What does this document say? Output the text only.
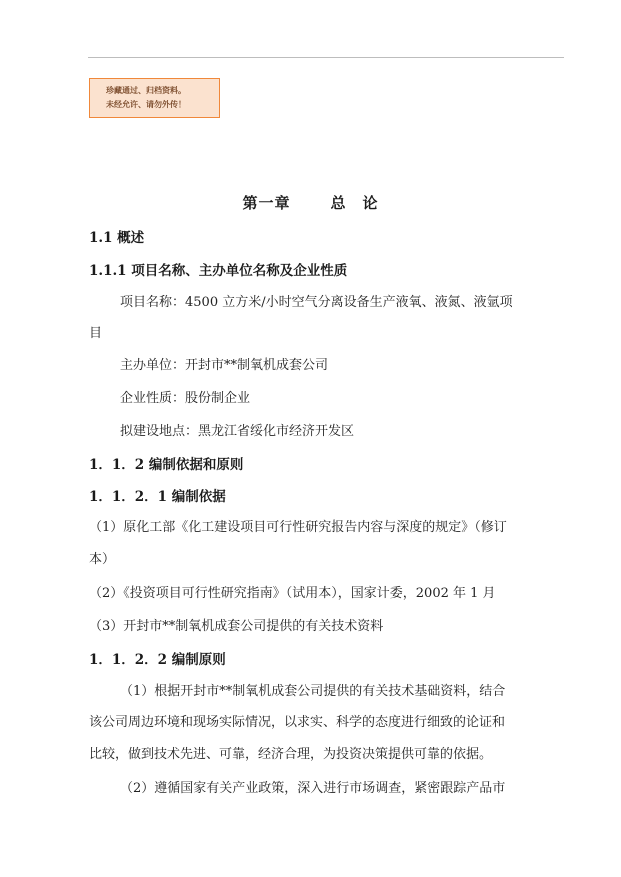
珍藏通过、归档资料。
未经允许、请勿外传！
第一章	总　论
1.1 概述
1.1.1 项目名称、主办单位名称及企业性质
项目名称：4500 立方米/小时空气分离设备生产液氧、液氮、液氩项
目
主办单位：开封市**制氧机成套公司
企业性质：股份制企业
拟建设地点：黑龙江省绥化市经济开发区
1．1．2 编制依据和原则
1．1．2．1 编制依据
（1）原化工部《化工建设项目可行性研究报告内容与深度的规定》（修订
本）
（2）《投资项目可行性研究指南》（试用本），国家计委，2002 年 1 月
（3）开封市**制氧机成套公司提供的有关技术资料
1．1．2．2 编制原则
（1）根据开封市**制氧机成套公司提供的有关技术基础资料，结合
该公司周边环境和现场实际情况，以求实、科学的态度进行细致的论证和
比较，做到技术先进、可靠，经济合理，为投资决策提供可靠的依据。
（2）遵循国家有关产业政策，深入进行市场调查，紧密跟踪产品市
